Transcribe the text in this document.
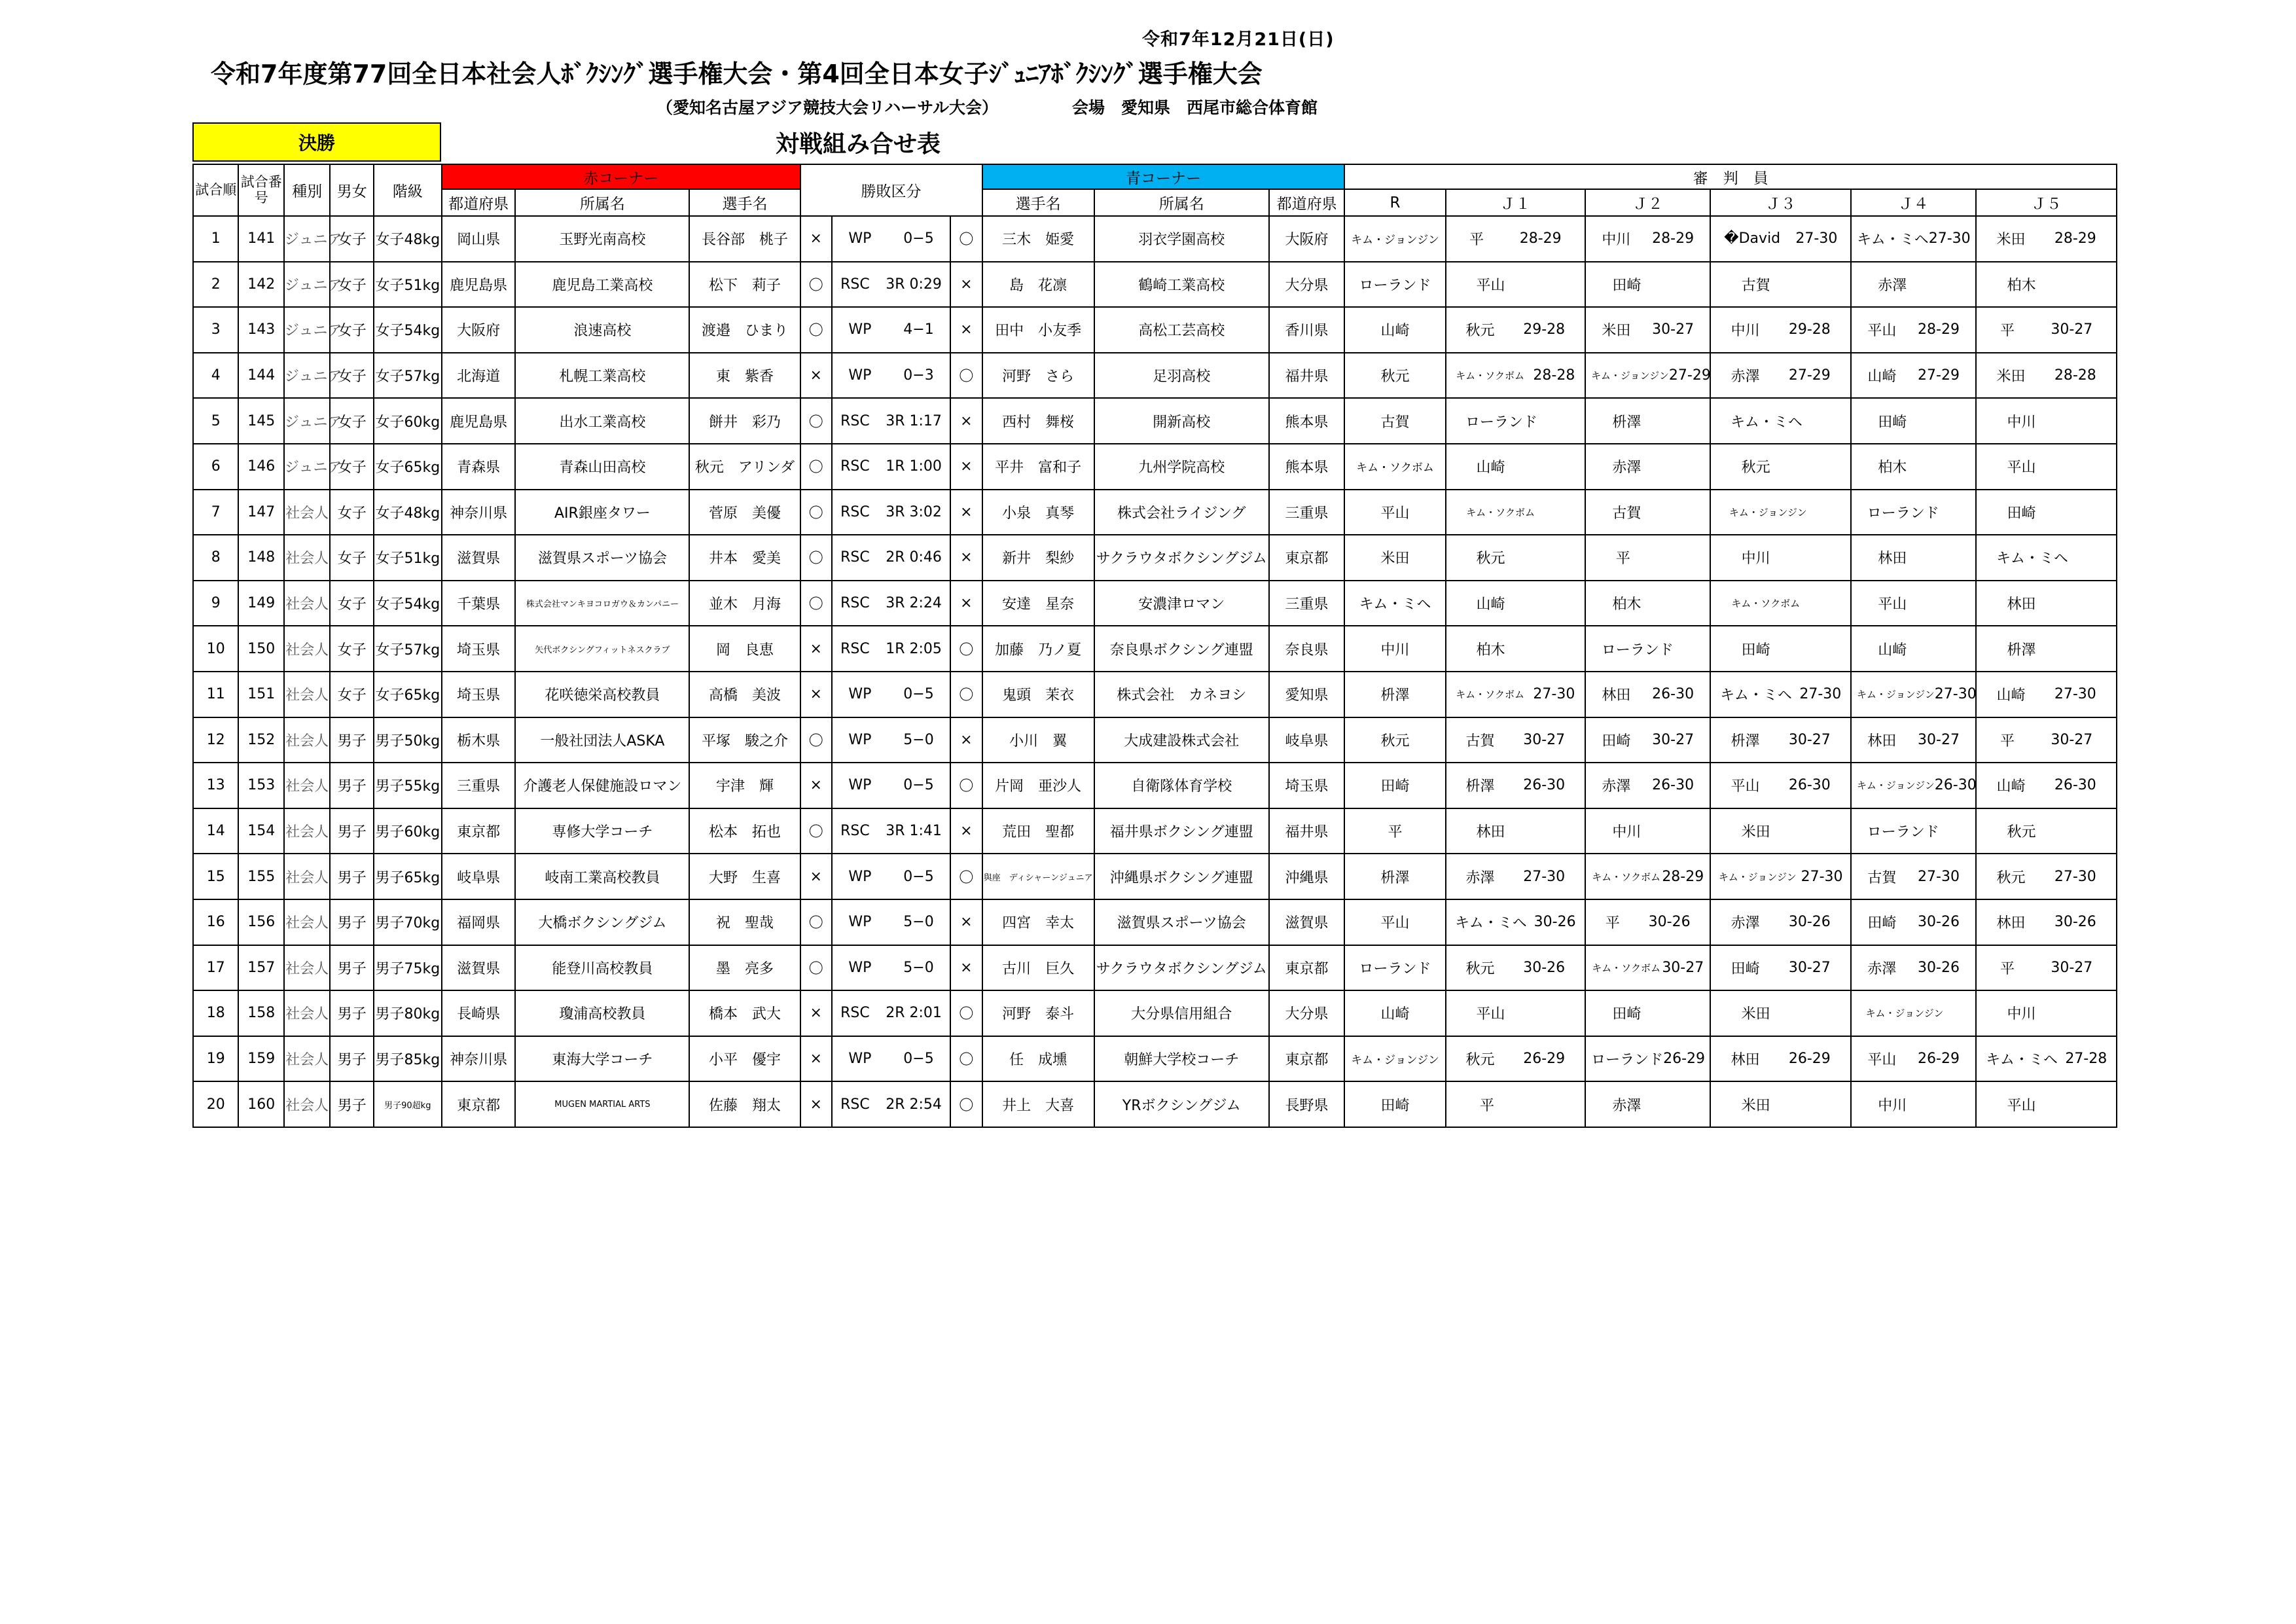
令和7年12月21日(日)
令和7年度第77回全日本社会人ﾎﾞｸｼﾝｸﾞ選手権大会・第4回全日本女子ｼﾞｭﾆｱﾎﾞｸｼﾝｸﾞ選手権大会
（愛知名古屋アジア競技大会リハーサル大会）	会場　愛知県　西尾市総合体育館
決勝	対戦組み合せ表
試合順	試合番号	種別	男女	階級	赤コーナー			勝敗区分			青コーナー			審　判　員					
					都道府県	所属名	選手名				選手名	所属名	都道府県	R	Ｊ１	Ｊ２	Ｊ３	Ｊ４	Ｊ５
1	141	ジュニア	女子	女子48kg	岡山県	玉野光南高校	長谷部　桃子	×	WP 0−5	〇	三木　姫愛	羽衣学園高校	大阪府	キム・ジョンジン	平 28-29	中川 28-29	�David 27-30	キム・ミヘ 27-30	米田 28-29

2	142	ジュニア	女子	女子51kg	鹿児島県	鹿児島工業高校	松下　莉子	〇	RSC 3R 0:29	×	島　花凛	鶴崎工業高校	大分県	ローランド	平山	田崎	古賀	赤澤	柏木

3	143	ジュニア	女子	女子54kg	大阪府	浪速高校	渡邉　ひまり	〇	WP 4−1	×	田中　小友季	高松工芸高校	香川県	山崎	秋元 29-28	米田 30-27	中川 29-28	平山 28-29	平 30-27

4	144	ジュニア	女子	女子57kg	北海道	札幌工業高校	東　紫香	×	WP 0−3	〇	河野　さら	足羽高校	福井県	秋元	キム・ソクボム 28-28	キム・ジョンジン 27-29	赤澤 27-29	山崎 27-29	米田 28-28

5	145	ジュニア	女子	女子60kg	鹿児島県	出水工業高校	餅井　彩乃	〇	RSC 3R 1:17	×	西村　舞桜	開新高校	熊本県	古賀	ローランド	枡澤	キム・ミヘ	田崎	中川

6	146	ジュニア	女子	女子65kg	青森県	青森山田高校	秋元　アリンダ	〇	RSC 1R 1:00	×	平井　富和子	九州学院高校	熊本県	キム・ソクボム	山崎	赤澤	秋元	柏木	平山

7	147	社会人	女子	女子48kg	神奈川県	AIR銀座タワー	菅原　美優	〇	RSC 3R 3:02	×	小泉　真琴	株式会社ライジング	三重県	平山	キム・ソクボム	古賀	キム・ジョンジン	ローランド	田崎

8	148	社会人	女子	女子51kg	滋賀県	滋賀県スポーツ協会	井本　愛美	〇	RSC 2R 0:46	×	新井　梨紗	サクラウタボクシングジム	東京都	米田	秋元	平	中川	林田	キム・ミヘ

9	149	社会人	女子	女子54kg	千葉県	株式会社マンキヨコロガウ＆カンパニー	並木　月海	〇	RSC 3R 2:24	×	安達　星奈	安濃津ロマン	三重県	キム・ミヘ	山崎	柏木	キム・ソクボム	平山	林田

10	150	社会人	女子	女子57kg	埼玉県	矢代ボクシングフィットネスクラブ	岡　良恵	×	RSC 1R 2:05	〇	加藤　乃ノ夏	奈良県ボクシング連盟	奈良県	中川	柏木	ローランド	田崎	山崎	枡澤

11	151	社会人	女子	女子65kg	埼玉県	花咲徳栄高校教員	高橋　美波	×	WP 0−5	〇	鬼頭　茉衣	株式会社　カネヨシ	愛知県	枡澤	キム・ソクボム 27-30	林田 26-30	キム・ミヘ 27-30	キム・ジョンジン 27-30	山崎 27-30

12	152	社会人	男子	男子50kg	栃木県	一般社団法人ASKA	平塚　駿之介	〇	WP 5−0	×	小川　翼	大成建設株式会社	岐阜県	秋元	古賀 30-27	田崎 30-27	枡澤 30-27	林田 30-27	平 30-27

13	153	社会人	男子	男子55kg	三重県	介護老人保健施設ロマン	宇津　輝	×	WP 0−5	〇	片岡　亜沙人	自衛隊体育学校	埼玉県	田崎	枡澤 26-30	赤澤 26-30	平山 26-30	キム・ジョンジン 26-30	山崎 26-30

14	154	社会人	男子	男子60kg	東京都	専修大学コーチ	松本　拓也	〇	RSC 3R 1:41	×	荒田　聖都	福井県ボクシング連盟	福井県	平	林田	中川	米田	ローランド	秋元

15	155	社会人	男子	男子65kg	岐阜県	岐南工業高校教員	大野　生喜	×	WP 0−5	〇	與座　ディシャーンジュニア	沖縄県ボクシング連盟	沖縄県	枡澤	赤澤 27-30	キム・ソクボム 28-29	キム・ジョンジン 27-30	古賀 27-30	秋元 27-30

16	156	社会人	男子	男子70kg	福岡県	大橋ボクシングジム	祝　聖哉	〇	WP 5−0	×	四宮　幸太	滋賀県スポーツ協会	滋賀県	平山	キム・ミヘ 30-26	平 30-26	赤澤 30-26	田崎 30-26	林田 30-26

17	157	社会人	男子	男子75kg	滋賀県	能登川高校教員	墨　亮多	〇	WP 5−0	×	古川　巨久	サクラウタボクシングジム	東京都	ローランド	秋元 30-26	キム・ソクボム 30-27	田崎 30-27	赤澤 30-26	平 30-27

18	158	社会人	男子	男子80kg	長崎県	瓊浦高校教員	橋本　武大	×	RSC 2R 2:01	〇	河野　泰斗	大分県信用組合	大分県	山崎	平山	田崎	米田	キム・ジョンジン	中川

19	159	社会人	男子	男子85kg	神奈川県	東海大学コーチ	小平　優宇	×	WP 0−5	〇	任　成壎	朝鮮大学校コーチ	東京都	キム・ジョンジン	秋元 26-29	ローランド 26-29	林田 26-29	平山 26-29	キム・ミヘ 27-28

20	160	社会人	男子	男子90超kg	東京都	MUGEN MARTIAL ARTS	佐藤　翔太	×	RSC 2R 2:54	〇	井上　大喜	YRボクシングジム	長野県	田崎	平	赤澤	米田	中川	平山
